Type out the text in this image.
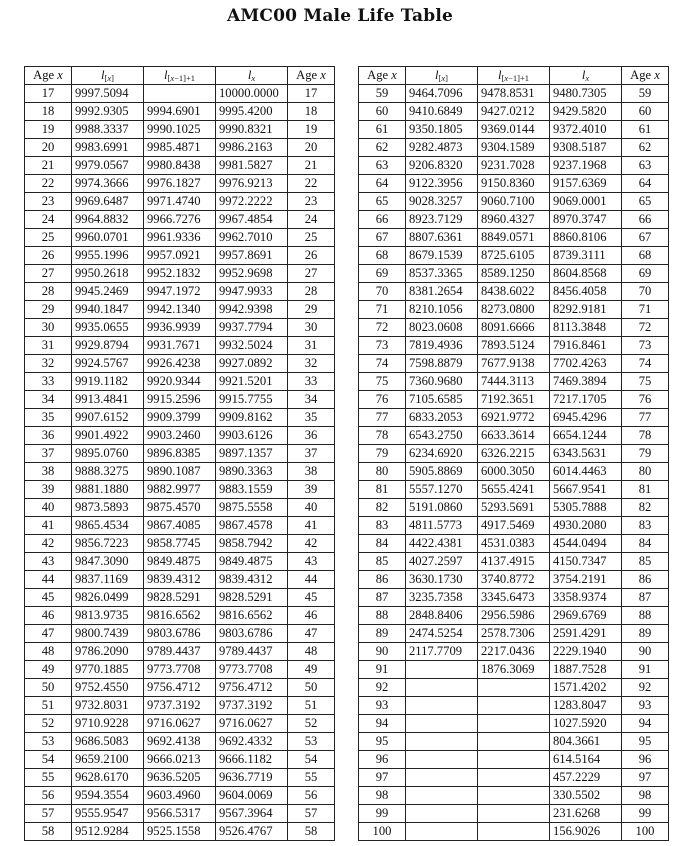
AMC00 Male Life Table
Age x	$l_{[x]}$	$l_{[x-1]+1}$	$l_x$	Age x
17	9997.5094		10000.0000	17
18	9992.9305	9994.6901	9995.4200	18
19	9988.3337	9990.1025	9990.8321	19
20	9983.6991	9985.4871	9986.2163	20
21	9979.0567	9980.8438	9981.5827	21
22	9974.3666	9976.1827	9976.9213	22
23	9969.6487	9971.4740	9972.2222	23
24	9964.8832	9966.7276	9967.4854	24
25	9960.0701	9961.9336	9962.7010	25
26	9955.1996	9957.0921	9957.8691	26
27	9950.2618	9952.1832	9952.9698	27
28	9945.2469	9947.1972	9947.9933	28
29	9940.1847	9942.1340	9942.9398	29
30	9935.0655	9936.9939	9937.7794	30
31	9929.8794	9931.7671	9932.5024	31
32	9924.5767	9926.4238	9927.0892	32
33	9919.1182	9920.9344	9921.5201	33
34	9913.4841	9915.2596	9915.7755	34
35	9907.6152	9909.3799	9909.8162	35
36	9901.4922	9903.2460	9903.6126	36
37	9895.0760	9896.8385	9897.1357	37
38	9888.3275	9890.1087	9890.3363	38
39	9881.1880	9882.9977	9883.1559	39
40	9873.5893	9875.4570	9875.5558	40
41	9865.4534	9867.4085	9867.4578	41
42	9856.7223	9858.7745	9858.7942	42
43	9847.3090	9849.4875	9849.4875	43
44	9837.1169	9839.4312	9839.4312	44
45	9826.0499	9828.5291	9828.5291	45
46	9813.9735	9816.6562	9816.6562	46
47	9800.7439	9803.6786	9803.6786	47
48	9786.2090	9789.4437	9789.4437	48
49	9770.1885	9773.7708	9773.7708	49
50	9752.4550	9756.4712	9756.4712	50
51	9732.8031	9737.3192	9737.3192	51
52	9710.9228	9716.0627	9716.0627	52
53	9686.5083	9692.4138	9692.4332	53
54	9659.2100	9666.0213	9666.1182	54
55	9628.6170	9636.5205	9636.7719	55
56	9594.3554	9603.4960	9604.0069	56
57	9555.9547	9566.5317	9567.3964	57
58	9512.9284	9525.1558	9526.4767	58
Age x	$l_{[x]}$	$l_{[x-1]+1}$	$l_x$	Age x
59	9464.7096	9478.8531	9480.7305	59
60	9410.6849	9427.0212	9429.5820	60
61	9350.1805	9369.0144	9372.4010	61
62	9282.4873	9304.1589	9308.5187	62
63	9206.8320	9231.7028	9237.1968	63
64	9122.3956	9150.8360	9157.6369	64
65	9028.3257	9060.7100	9069.0001	65
66	8923.7129	8960.4327	8970.3747	66
67	8807.6361	8849.0571	8860.8106	67
68	8679.1539	8725.6105	8739.3111	68
69	8537.3365	8589.1250	8604.8568	69
70	8381.2654	8438.6022	8456.4058	70
71	8210.1056	8273.0800	8292.9181	71
72	8023.0608	8091.6666	8113.3848	72
73	7819.4936	7893.5124	7916.8461	73
74	7598.8879	7677.9138	7702.4263	74
75	7360.9680	7444.3113	7469.3894	75
76	7105.6585	7192.3651	7217.1705	76
77	6833.2053	6921.9772	6945.4296	77
78	6543.2750	6633.3614	6654.1244	78
79	6234.6920	6326.2215	6343.5631	79
80	5905.8869	6000.3050	6014.4463	80
81	5557.1270	5655.4241	5667.9541	81
82	5191.0860	5293.5691	5305.7888	82
83	4811.5773	4917.5469	4930.2080	83
84	4422.4381	4531.0383	4544.0494	84
85	4027.2597	4137.4915	4150.7347	85
86	3630.1730	3740.8772	3754.2191	86
87	3235.7358	3345.6473	3358.9374	87
88	2848.8406	2956.5986	2969.6769	88
89	2474.5254	2578.7306	2591.4291	89
90	2117.7709	2217.0436	2229.1940	90
91		1876.3069	1887.7528	91
92			1571.4202	92
93			1283.8047	93
94			1027.5920	94
95			804.3661	95
96			614.5164	96
97			457.2229	97
98			330.5502	98
99			231.6268	99
100			156.9026	100
